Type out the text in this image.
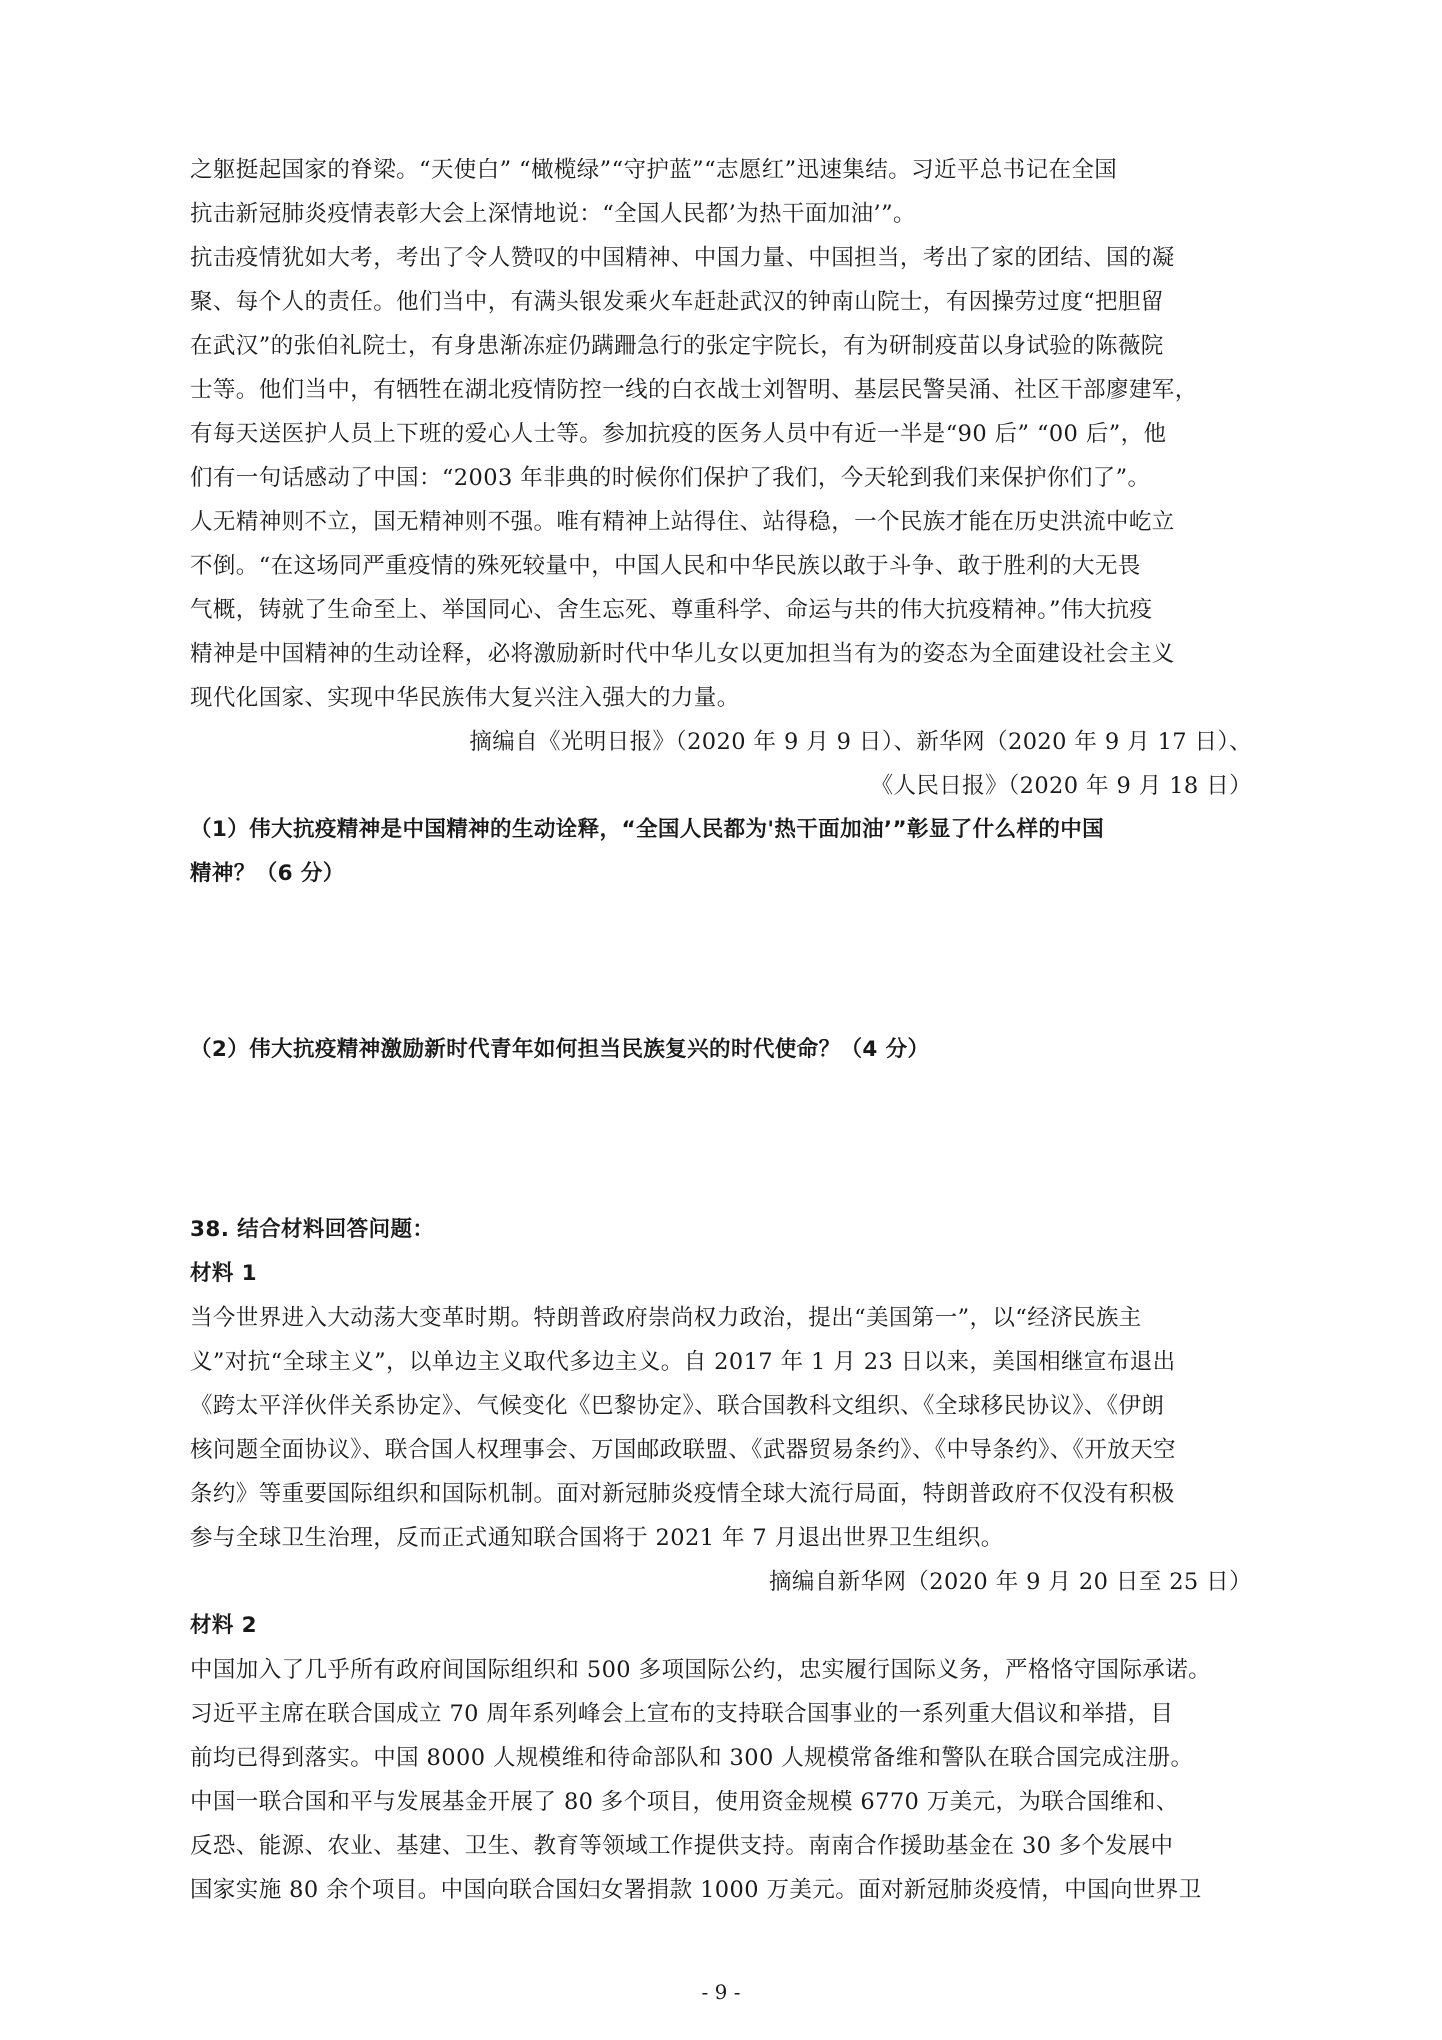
之躯挺起国家的脊梁。“天使白” “橄榄绿”“守护蓝”“志愿红”迅速集结。习近平总书记在全国
抗击新冠肺炎疫情表彰大会上深情地说：“全国人民都’为热干面加油’”。
抗击疫情犹如大考，考出了令人赞叹的中国精神、中国力量、中国担当，考出了家的团结、国的凝
聚、每个人的责任。他们当中，有满头银发乘火车赶赴武汉的钟南山院士，有因操劳过度“把胆留
在武汉”的张伯礼院士，有身患渐冻症仍蹒跚急行的张定宇院长，有为研制疫苗以身试验的陈薇院
士等。他们当中，有牺牲在湖北疫情防控一线的白衣战士刘智明、基层民警吴涌、社区干部廖建军，
有每天送医护人员上下班的爱心人士等。参加抗疫的医务人员中有近一半是“90 后” “00 后”，他
们有一句话感动了中国：“2003 年非典的时候你们保护了我们，今天轮到我们来保护你们了”。
人无精神则不立，国无精神则不强。唯有精神上站得住、站得稳，一个民族才能在历史洪流中屹立
不倒。“在这场同严重疫情的殊死较量中，中国人民和中华民族以敢于斗争、敢于胜利的大无畏
气概，铸就了生命至上、举国同心、舍生忘死、尊重科学、命运与共的伟大抗疫精神。”伟大抗疫
精神是中国精神的生动诠释，必将激励新时代中华儿女以更加担当有为的姿态为全面建设社会主义
现代化国家、实现中华民族伟大复兴注入强大的力量。
摘编自《光明日报》（2020 年 9 月 9 日）、新华网（2020 年 9 月 17 日）、
《人民日报》（2020 年 9 月 18 日）
（1）伟大抗疫精神是中国精神的生动诠释，“全国人民都为'热干面加油’”彰显了什么样的中国
精神？（6 分）
（2）伟大抗疫精神激励新时代青年如何担当民族复兴的时代使命？（4 分）
38. 结合材料回答问题：
材料 1
当今世界进入大动荡大变革时期。特朗普政府崇尚权力政治，提出“美国第一”，以“经济民族主
义”对抗“全球主义”，以单边主义取代多边主义。自 2017 年 1 月 23 日以来，美国相继宣布退出
《跨太平洋伙伴关系协定》、气候变化《巴黎协定》、联合国教科文组织、《全球移民协议》、《伊朗
核问题全面协议》、联合国人权理事会、万国邮政联盟、《武器贸易条约》、《中导条约》、《开放天空
条约》等重要国际组织和国际机制。面对新冠肺炎疫情全球大流行局面，特朗普政府不仅没有积极
参与全球卫生治理，反而正式通知联合国将于 2021 年 7 月退出世界卫生组织。
摘编自新华网（2020 年 9 月 20 日至 25 日）
材料 2
中国加入了几乎所有政府间国际组织和 500 多项国际公约，忠实履行国际义务，严格恪守国际承诺。
习近平主席在联合国成立 70 周年系列峰会上宣布的支持联合国事业的一系列重大倡议和举措，目
前均已得到落实。中国 8000 人规模维和待命部队和 300 人规模常备维和警队在联合国完成注册。
中国一联合国和平与发展基金开展了 80 多个项目，使用资金规模 6770 万美元，为联合国维和、
反恐、能源、农业、基建、卫生、教育等领域工作提供支持。南南合作援助基金在 30 多个发展中
国家实施 80 余个项目。中国向联合国妇女署捐款 1000 万美元。面对新冠肺炎疫情，中国向世界卫
- 9 -
